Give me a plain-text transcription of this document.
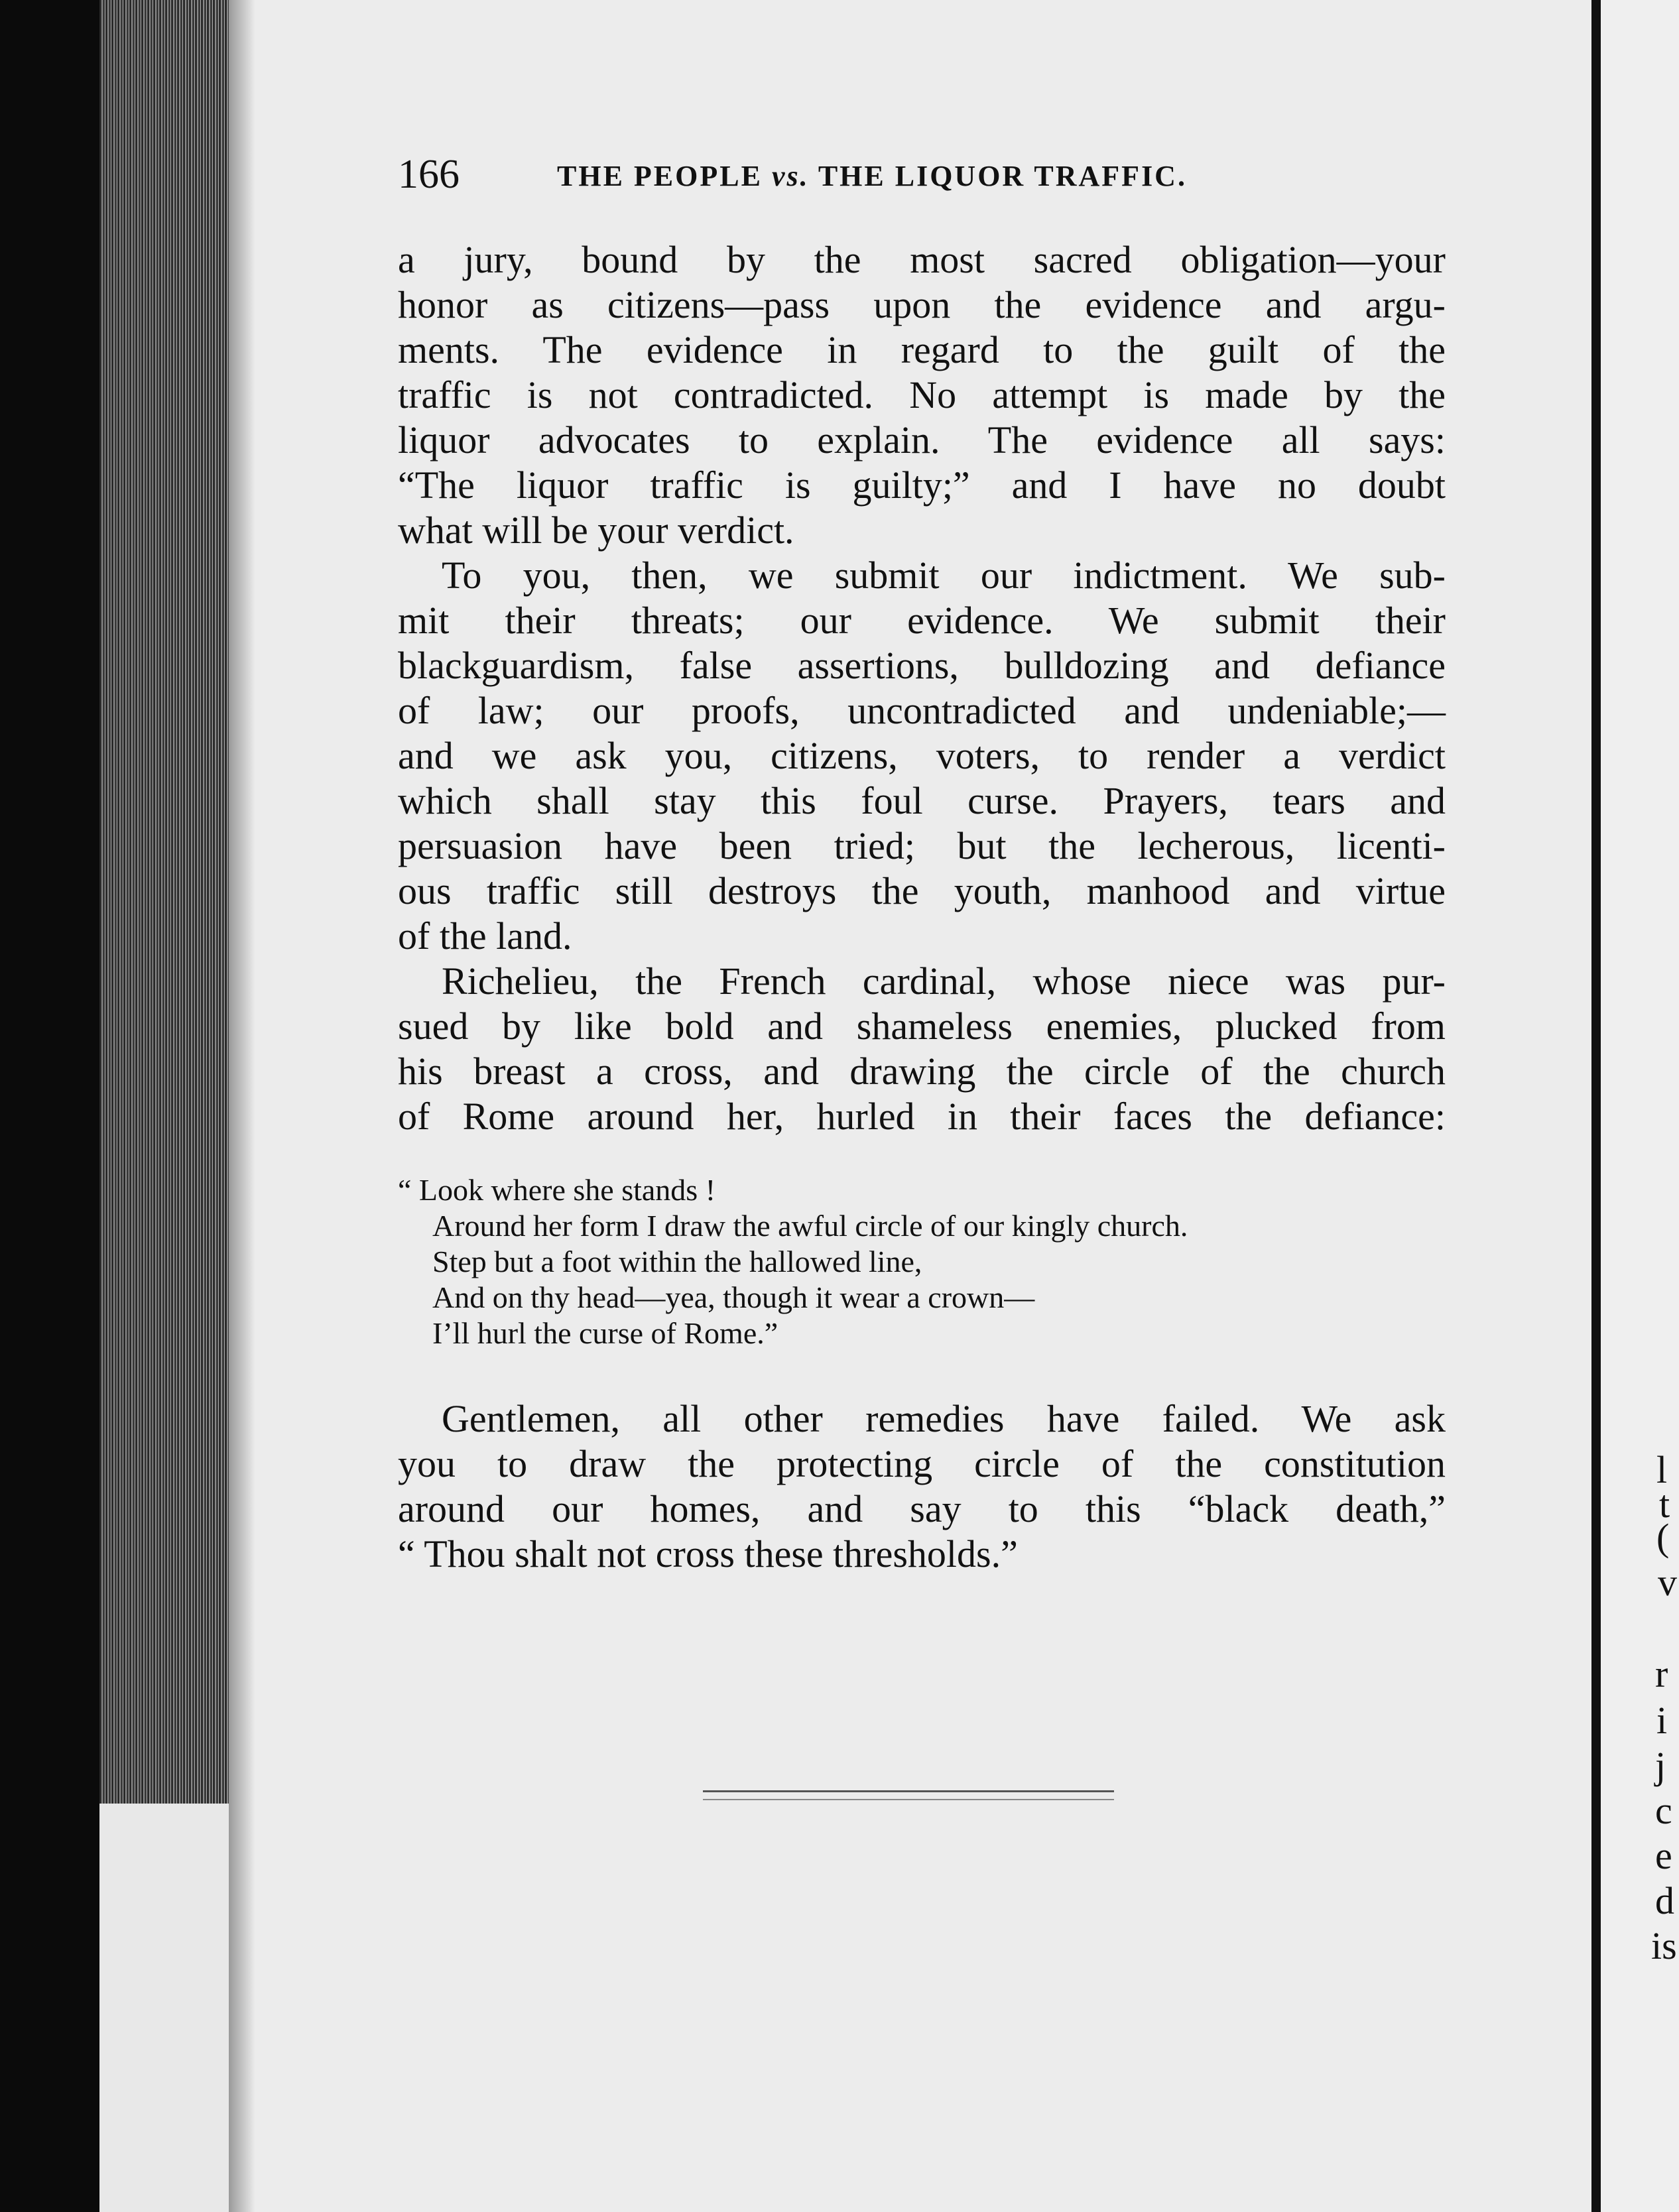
l
t
(
v
r
i
j
c
e
d
is
166	THE PEOPLE vs. THE LIQUOR TRAFFIC.
a jury, bound by the most sacred obligation—your
honor as citizens—pass upon the evidence and argu-
ments. The evidence in regard to the guilt of the
traffic is not contradicted. No attempt is made by the
liquor advocates to explain. The evidence all says:
“The liquor traffic is guilty;” and I have no doubt
what will be your verdict.
To you, then, we submit our indictment. We sub-
mit their threats; our evidence. We submit their
blackguardism, false assertions, bulldozing and defiance
of law; our proofs, uncontradicted and undeniable;—
and we ask you, citizens, voters, to render a verdict
which shall stay this foul curse. Prayers, tears and
persuasion have been tried; but the lecherous, licenti-
ous traffic still destroys the youth, manhood and virtue
of the land.
Richelieu, the French cardinal, whose niece was pur-
sued by like bold and shameless enemies, plucked from
his breast a cross, and drawing the circle of the church
of Rome around her, hurled in their faces the defiance:
“ Look where she stands !
Around her form I draw the awful circle of our kingly church.
Step but a foot within the hallowed line,
And on thy head—yea, though it wear a crown—
I’ll hurl the curse of Rome.”
Gentlemen, all other remedies have failed. We ask
you to draw the protecting circle of the constitution
around our homes, and say to this “black death,”
“ Thou shalt not cross these thresholds.”
